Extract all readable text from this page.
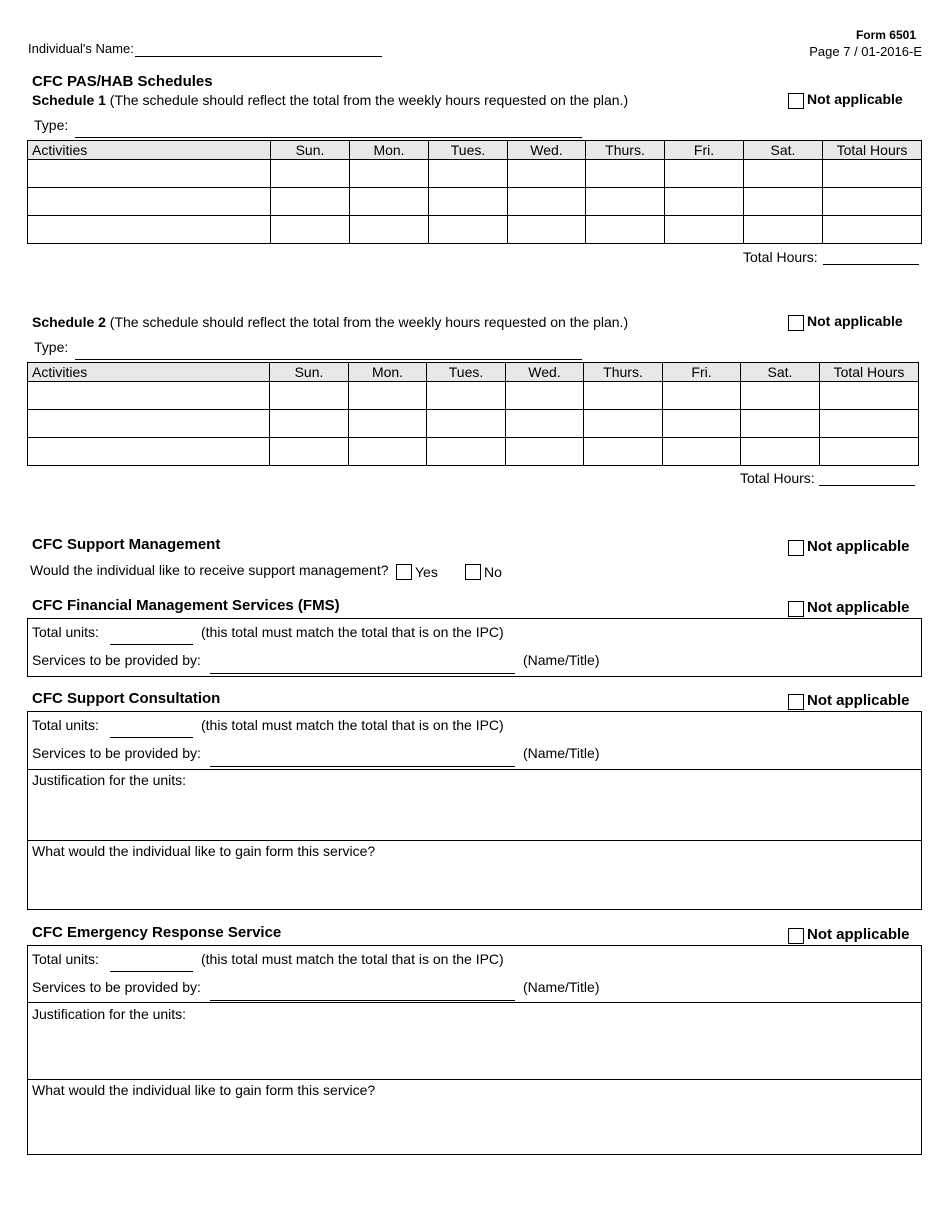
Individual's Name:
Form 6501
Page 7 / 01-2016-E
CFC PAS/HAB Schedules
Schedule 1 (The schedule should reflect the total from the weekly hours requested on the plan.)	Not applicable
Type:
Activities	Sun.	Mon.	Tues.	Wed.	Thurs.	Fri.	Sat.	Total Hours

Total Hours:
Schedule 2 (The schedule should reflect the total from the weekly hours requested on the plan.)	Not applicable
Type:
Activities	Sun.	Mon.	Tues.	Wed.	Thurs.	Fri.	Sat.	Total Hours

Total Hours:
CFC Support Management	Not applicable
Would the individual like to receive support management? Yes	No
CFC Financial Management Services (FMS)	Not applicable
Total units:	(this total must match the total that is on the IPC)
Services to be provided by:	(Name/Title)
CFC Support Consultation	Not applicable
Total units:	(this total must match the total that is on the IPC)
Services to be provided by:	(Name/Title)
Justification for the units:
What would the individual like to gain form this service?
CFC Emergency Response Service	Not applicable
Total units:	(this total must match the total that is on the IPC)
Services to be provided by:	(Name/Title)
Justification for the units:
What would the individual like to gain form this service?
